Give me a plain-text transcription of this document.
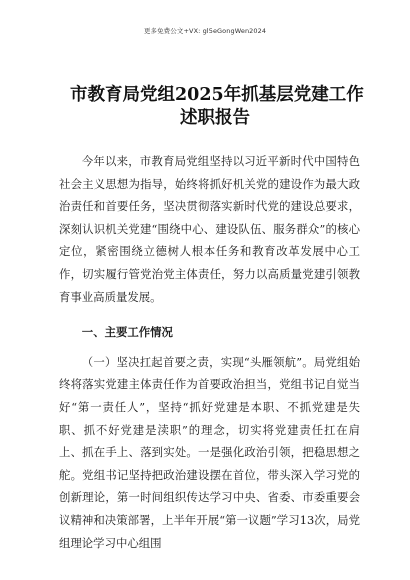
更多免费公文+VX: gl5eGongWen2024
市教育局党组2025年抓基层党建工作
述职报告

今年以来，市教育局党组坚持以习近平新时代中国特色社会主义思想为指导，始终将抓好机关党的建设作为最大政治责任和首要任务，坚决贯彻落实新时代党的建设总要求，深刻认识机关党建“围绕中心、建设队伍、服务群众”的核心定位，紧密围绕立德树人根本任务和教育改革发展中心工作，切实履行管党治党主体责任，努力以高质量党建引领教育事业高质量发展。

一、主要工作情况

（一）坚决扛起首要之责，实现“头雁领航”。局党组始终将落实党建主体责任作为首要政治担当，党组书记自觉当好“第一责任人”，坚持“抓好党建是本职、不抓党建是失职、抓不好党建是渎职”的理念，切实将党建责任扛在肩上、抓在手上、落到实处。一是强化政治引领，把稳思想之舵。党组书记坚持把政治建设摆在首位，带头深入学习党的创新理论，第一时间组织传达学习中央、省委、市委重要会议精神和决策部署，上半年开展“第一议题”学习13次，局党组理论学习中心组围
